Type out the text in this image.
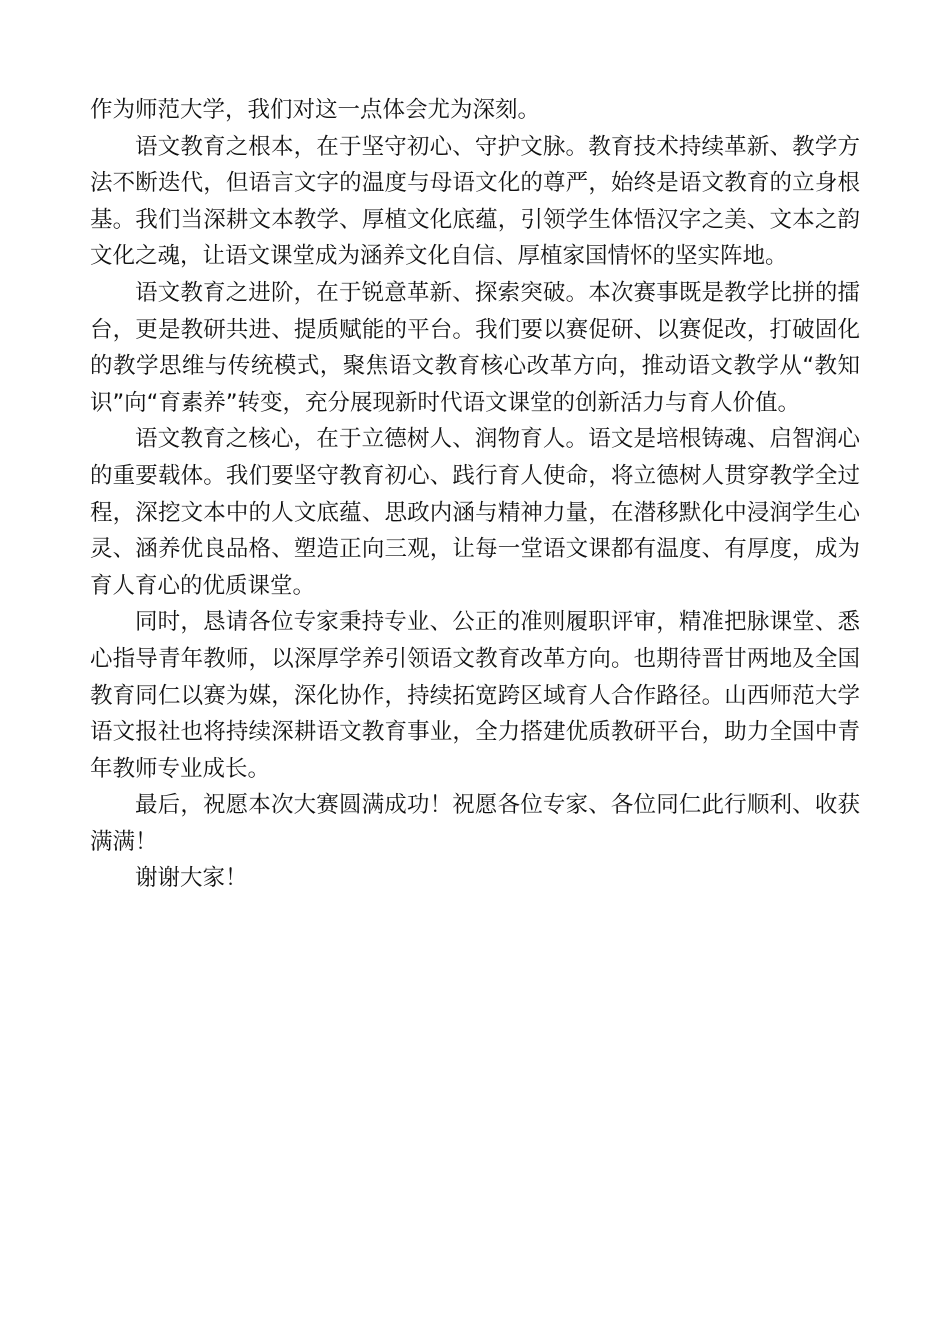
作为师范大学，我们对这一点体会尤为深刻。

语文教育之根本，在于坚守初心、守护文脉。教育技术持续革新、教学方法不断迭代，但语言文字的温度与母语文化的尊严，始终是语文教育的立身根基。我们当深耕文本教学、厚植文化底蕴，引领学生体悟汉字之美、文本之韵文化之魂，让语文课堂成为涵养文化自信、厚植家国情怀的坚实阵地。

语文教育之进阶，在于锐意革新、探索突破。本次赛事既是教学比拼的擂台，更是教研共进、提质赋能的平台。我们要以赛促研、以赛促改，打破固化的教学思维与传统模式，聚焦语文教育核心改革方向，推动语文教学从“教知识”向“育素养”转变，充分展现新时代语文课堂的创新活力与育人价值。

语文教育之核心，在于立德树人、润物育人。语文是培根铸魂、启智润心的重要载体。我们要坚守教育初心、践行育人使命，将立德树人贯穿教学全过程，深挖文本中的人文底蕴、思政内涵与精神力量，在潜移默化中浸润学生心灵、涵养优良品格、塑造正向三观，让每一堂语文课都有温度、有厚度，成为育人育心的优质课堂。

同时，恳请各位专家秉持专业、公正的准则履职评审，精准把脉课堂、悉心指导青年教师，以深厚学养引领语文教育改革方向。也期待晋甘两地及全国教育同仁以赛为媒，深化协作，持续拓宽跨区域育人合作路径。山西师范大学语文报社也将持续深耕语文教育事业，全力搭建优质教研平台，助力全国中青年教师专业成长。

最后，祝愿本次大赛圆满成功！祝愿各位专家、各位同仁此行顺利、收获满满！

谢谢大家！
